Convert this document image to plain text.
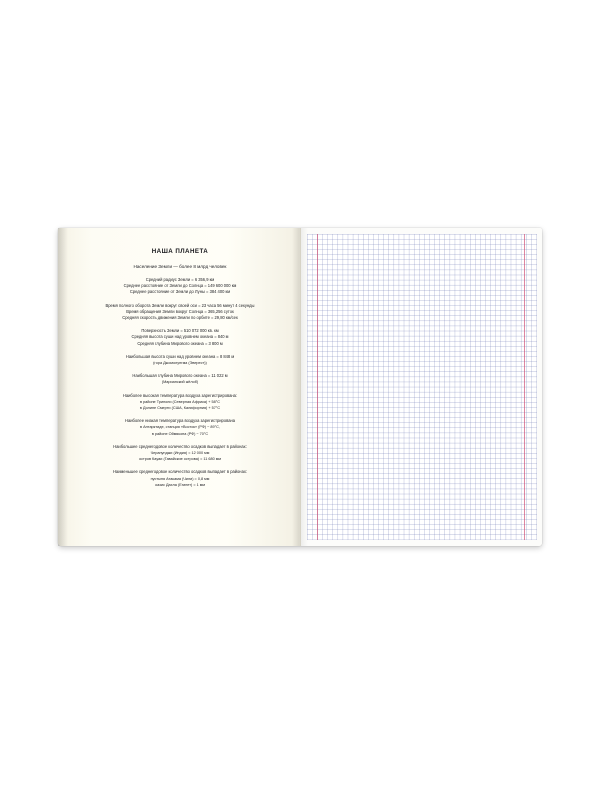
НАША ПЛАНЕТА
Население Земли — более 8 млрд человек
Средний радиус Земли = 6 356,9 км
Среднее расстояние от Земли до Солнца = 149 600 000 км
Среднее расстояние от Земли до Луны = 384 400 км
Время полного оборота Земли вокруг своей оси = 23 часа 56 минут 4 секунды
Время обращения Земли вокруг Солнца = 365,256 суток
Средняя скорость движения Земли по орбите = 29,80 км/сек
Поверхность Земли = 510 072 000 кв. км
Средняя высота суши над уровнем океана = 840 м
Средняя глубина Мирового океана = 3 800 м
Наибольшая высота суши над уровнем океана = 8 848 м
(гора Джомолунгма (Эверест))
Наибольшая глубина Мирового океана = 11 022 м
(Марианский жёлоб)
Наиболее высокая температура воздуха зарегистрирована:
в районе Триполи (Северная Африка) + 58°C
в Долине Смерти (США, Калифорния) + 57°C
Наиболее низкая температура воздуха зарегистрирована
в Антарктиде, станция «Восток» (РФ) − 89°C,
в районе Оймякона (РФ) − 70°C
Наибольшее среднегодовое количество осадков выпадает в районах:
Черапунджи (Индия) = 12 000 мм
остров Кауаи (Гавайские острова) = 11 680 мм
Наименьшее среднегодовое количество осадков выпадает в районах:
пустыня Атакама (Чили) = 0,8 мм
оазис Дахла (Египет) = 1 мм
